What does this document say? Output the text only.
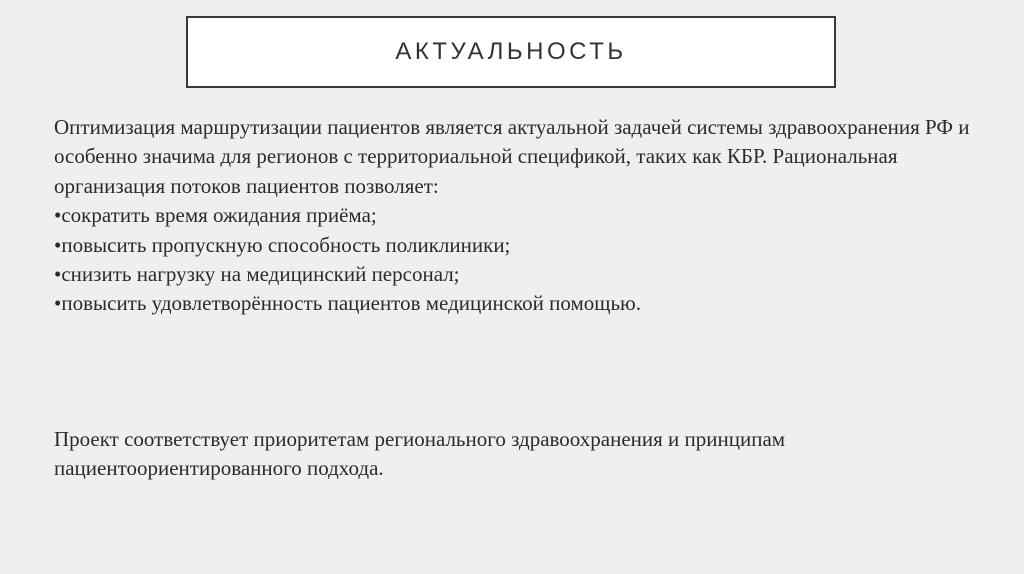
АКТУАЛЬНОСТЬ

Оптимизация маршрутизации пациентов является актуальной задачей системы здравоохранения РФ и особенно значима для регионов с территориальной спецификой, таких как КБР. Рациональная организация потоков пациентов позволяет:

•сократить время ожидания приёма;
•повысить пропускную способность поликлиники;
•снизить нагрузку на медицинский персонал;
•повысить удовлетворённость пациентов медицинской помощью.

Проект соответствует приоритетам регионального здравоохранения и принципам пациентоориентированного подхода.
